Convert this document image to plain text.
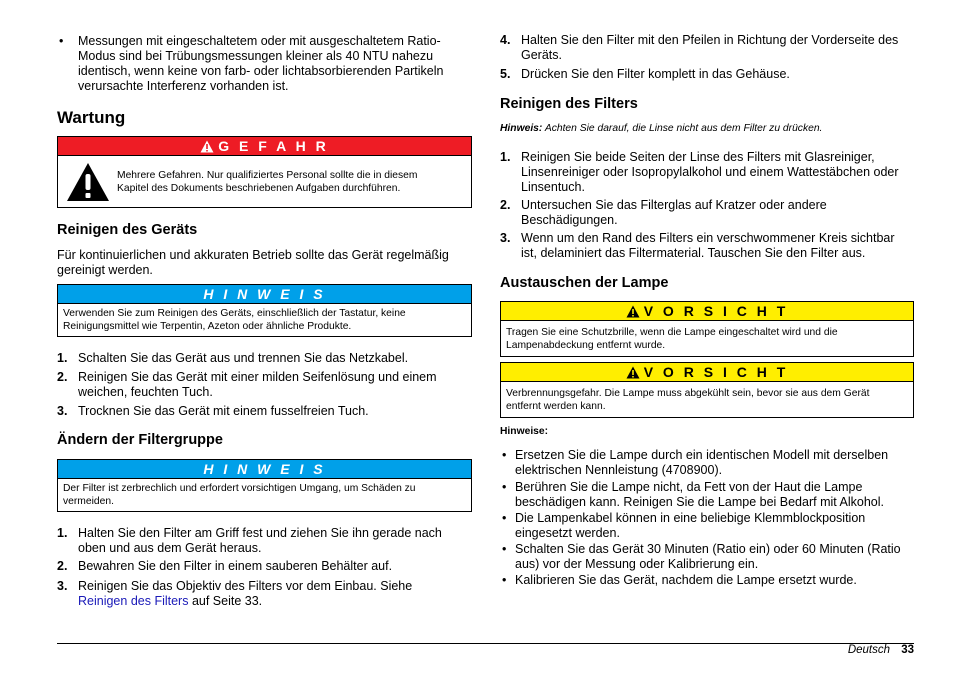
• Messungen mit eingeschaltetem oder mit ausgeschaltetem Ratio-
Modus sind bei Trübungsmessungen kleiner als 40 NTU nahezu
identisch, wenn keine von farb- oder lichtabsorbierenden Partikeln
verursachte Interferenz vorhanden ist.
Wartung
G E F A H R
Mehrere Gefahren. Nur qualifiziertes Personal sollte die in diesem
Kapitel des Dokuments beschriebenen Aufgaben durchführen.
Reinigen des Geräts
Für kontinuierlichen und akkuraten Betrieb sollte das Gerät regelmäßig
gereinigt werden.
H I N W E I S
Verwenden Sie zum Reinigen des Geräts, einschließlich der Tastatur, keine
Reinigungsmittel wie Terpentin, Azeton oder ähnliche Produkte.
1. Schalten Sie das Gerät aus und trennen Sie das Netzkabel.
2. Reinigen Sie das Gerät mit einer milden Seifenlösung und einem
weichen, feuchten Tuch.
3. Trocknen Sie das Gerät mit einem fusselfreien Tuch.
Ändern der Filtergruppe
H I N W E I S
Der Filter ist zerbrechlich und erfordert vorsichtigen Umgang, um Schäden zu
vermeiden.
1. Halten Sie den Filter am Griff fest und ziehen Sie ihn gerade nach
oben und aus dem Gerät heraus.
2. Bewahren Sie den Filter in einem sauberen Behälter auf.
3. Reinigen Sie das Objektiv des Filters vor dem Einbau. Siehe
Reinigen des Filters auf Seite 33.
4. Halten Sie den Filter mit den Pfeilen in Richtung der Vorderseite des
Geräts.
5. Drücken Sie den Filter komplett in das Gehäuse.
Reinigen des Filters
Hinweis: Achten Sie darauf, die Linse nicht aus dem Filter zu drücken.
1. Reinigen Sie beide Seiten der Linse des Filters mit Glasreiniger,
Linsenreiniger oder Isopropylalkohol und einem Wattestäbchen oder
Linsentuch.
2. Untersuchen Sie das Filterglas auf Kratzer oder andere
Beschädigungen.
3. Wenn um den Rand des Filters ein verschwommener Kreis sichtbar
ist, delaminiert das Filtermaterial. Tauschen Sie den Filter aus.
Austauschen der Lampe
V O R S I C H T
Tragen Sie eine Schutzbrille, wenn die Lampe eingeschaltet wird und die
Lampenabdeckung entfernt wurde.
V O R S I C H T
Verbrennungsgefahr. Die Lampe muss abgekühlt sein, bevor sie aus dem Gerät
entfernt werden kann.
Hinweise:
• Ersetzen Sie die Lampe durch ein identischen Modell mit derselben
elektrischen Nennleistung (4708900).
• Berühren Sie die Lampe nicht, da Fett von der Haut die Lampe
beschädigen kann. Reinigen Sie die Lampe bei Bedarf mit Alkohol.
• Die Lampenkabel können in eine beliebige Klemmblockposition
eingesetzt werden.
• Schalten Sie das Gerät 30 Minuten (Ratio ein) oder 60 Minuten (Ratio
aus) vor der Messung oder Kalibrierung ein.
• Kalibrieren Sie das Gerät, nachdem die Lampe ersetzt wurde.
Deutsch 33
